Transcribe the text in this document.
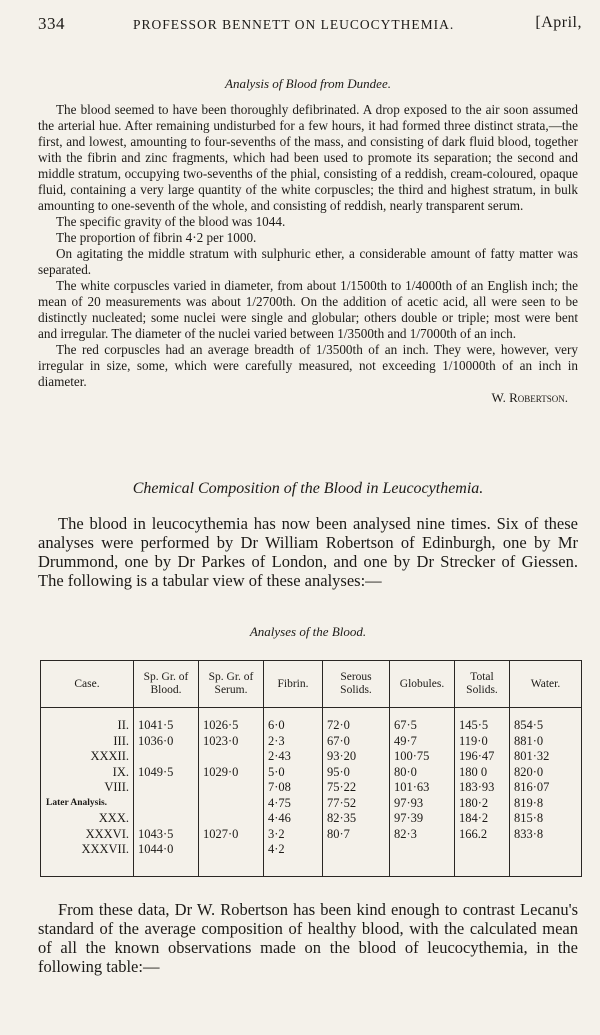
334	PROFESSOR BENNETT ON LEUCOCYTHEMIA.	[April,
Analysis of Blood from Dundee.

The blood seemed to have been thoroughly defibrinated. A drop exposed to the air soon assumed the arterial hue. After remaining undisturbed for a few hours, it had formed three distinct strata,—the first, and lowest, amounting to four-sevenths of the mass, and consisting of dark fluid blood, together with the fibrin and zinc fragments, which had been used to promote its separation; the second and middle stratum, occupying two-sevenths of the phial, consisting of a reddish, cream-coloured, opaque fluid, containing a very large quantity of the white corpuscles; the third and highest stratum, in bulk amounting to one-seventh of the whole, and consisting of reddish, nearly transparent serum.

The specific gravity of the blood was 1044.

The proportion of fibrin 4·2 per 1000.

On agitating the middle stratum with sulphuric ether, a considerable amount of fatty matter was separated.

The white corpuscles varied in diameter, from about 1/1500th to 1/4000th of an English inch; the mean of 20 measurements was about 1/2700th. On the addition of acetic acid, all were seen to be distinctly nucleated; some nuclei were single and globular; others double or triple; most were bent and irregular. The diameter of the nuclei varied between 1/3500th and 1/7000th of an inch.

The red corpuscles had an average breadth of 1/3500th of an inch. They were, however, very irregular in size, some, which were carefully measured, not exceeding 1/10000th of an inch in diameter.

W. Robertson.
Chemical Composition of the Blood in Leucocythemia.

The blood in leucocythemia has now been analysed nine times. Six of these analyses were performed by Dr William Robertson of Edinburgh, one by Mr Drummond, one by Dr Parkes of London, and one by Dr Strecker of Giessen. The following is a tabular view of these analyses:—

Analyses of the Blood.
Case.	Sp. Gr. of Blood.	Sp. Gr. of Serum.	Fibrin.	Serous Solids.	Globules.	Total Solids.	Water.
II.	1041·5	1026·5	6·0	72·0	67·5	145·5	854·5
III.	1036·0	1023·0	2·3	67·0	49·7	119·0	881·0
XXXII.			2·43	93·20	100·75	196·47	801·32
IX.	1049·5	1029·0	5·0	95·0	80·0	180 0	820·0
VIII.			7·08	75·22	101·63	183·93	816·07
Later Analysis.			4·75	77·52	97·93	180·2	819·8
XXX.			4·46	82·35	97·39	184·2	815·8
XXXVI.	1043·5	1027·0	3·2	80·7	82·3	166.2	833·8
XXXVII.	1044·0		4·2				

From these data, Dr W. Robertson has been kind enough to contrast Lecanu's standard of the average composition of healthy blood, with the calculated mean of all the known observations made on the blood of leucocythemia, in the following table:—
